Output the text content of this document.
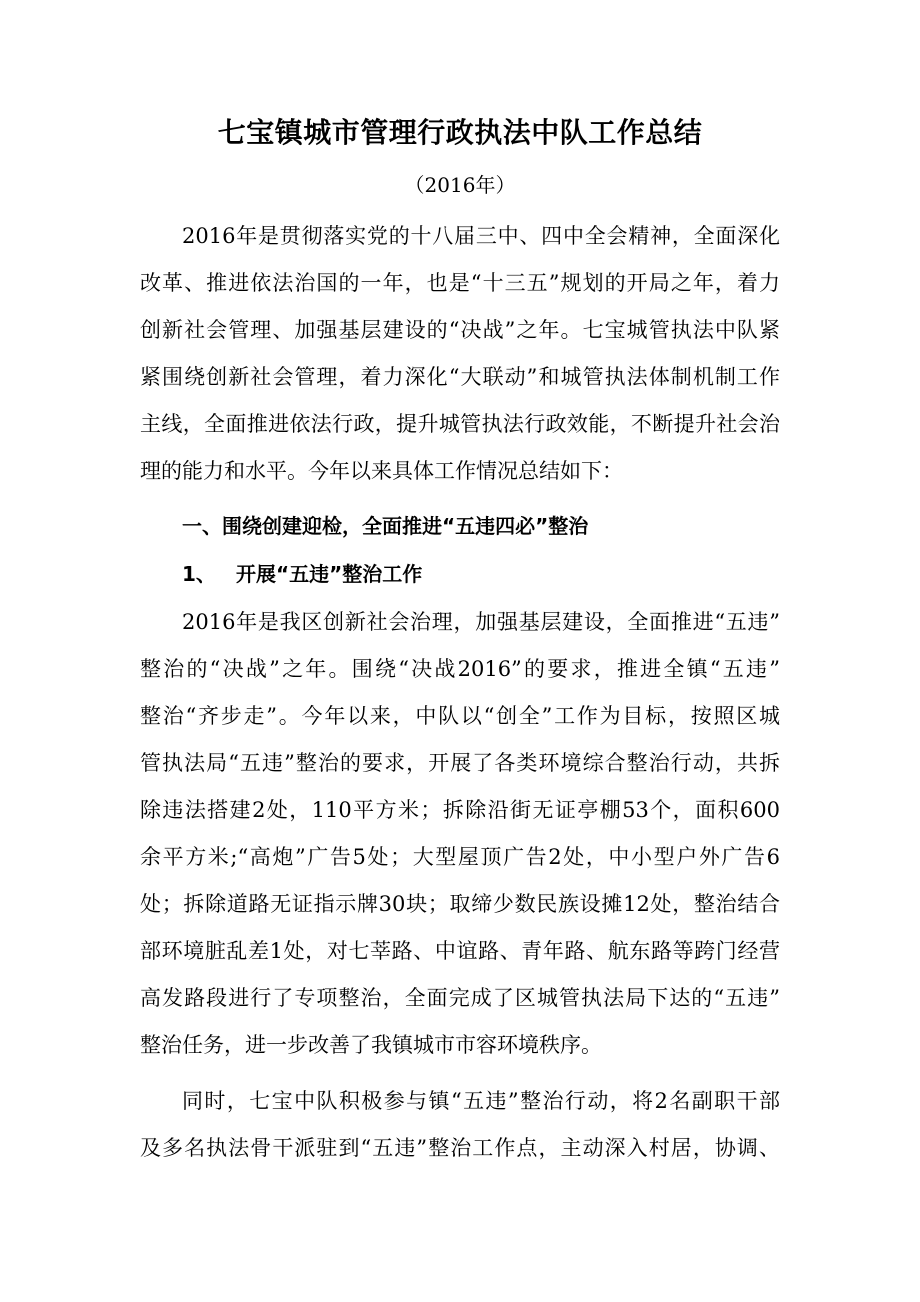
七宝镇城市管理行政执法中队工作总结

（2016年）

2016年是贯彻落实党的十八届三中、四中全会精神，全面深化
改革、推进依法治国的一年，也是“十三五”规划的开局之年，着力
创新社会管理、加强基层建设的“决战”之年。七宝城管执法中队紧
紧围绕创新社会管理，着力深化“大联动”和城管执法体制机制工作
主线，全面推进依法行政，提升城管执法行政效能，不断提升社会治
理的能力和水平。今年以来具体工作情况总结如下：
一、围绕创建迎检，全面推进“五违四必”整治
1、 开展“五违”整治工作
2016年是我区创新社会治理，加强基层建设，全面推进“五违”
整治的“决战”之年。围绕“决战2016”的要求，推进全镇“五违”
整治“齐步走”。今年以来，中队以“创全”工作为目标，按照区城
管执法局“五违”整治的要求，开展了各类环境综合整治行动，共拆
除违法搭建2处，110平方米；拆除沿街无证亭棚53个，面积600
余平方米;“高炮”广告5处；大型屋顶广告2处，中小型户外广告6
处；拆除道路无证指示牌30块；取缔少数民族设摊12处，整治结合
部环境脏乱差1处，对七莘路、中谊路、青年路、航东路等跨门经营
高发路段进行了专项整治，全面完成了区城管执法局下达的“五违”
整治任务，进一步改善了我镇城市市容环境秩序。
同时，七宝中队积极参与镇“五违”整治行动，将2名副职干部
及多名执法骨干派驻到“五违”整治工作点，主动深入村居，协调、
